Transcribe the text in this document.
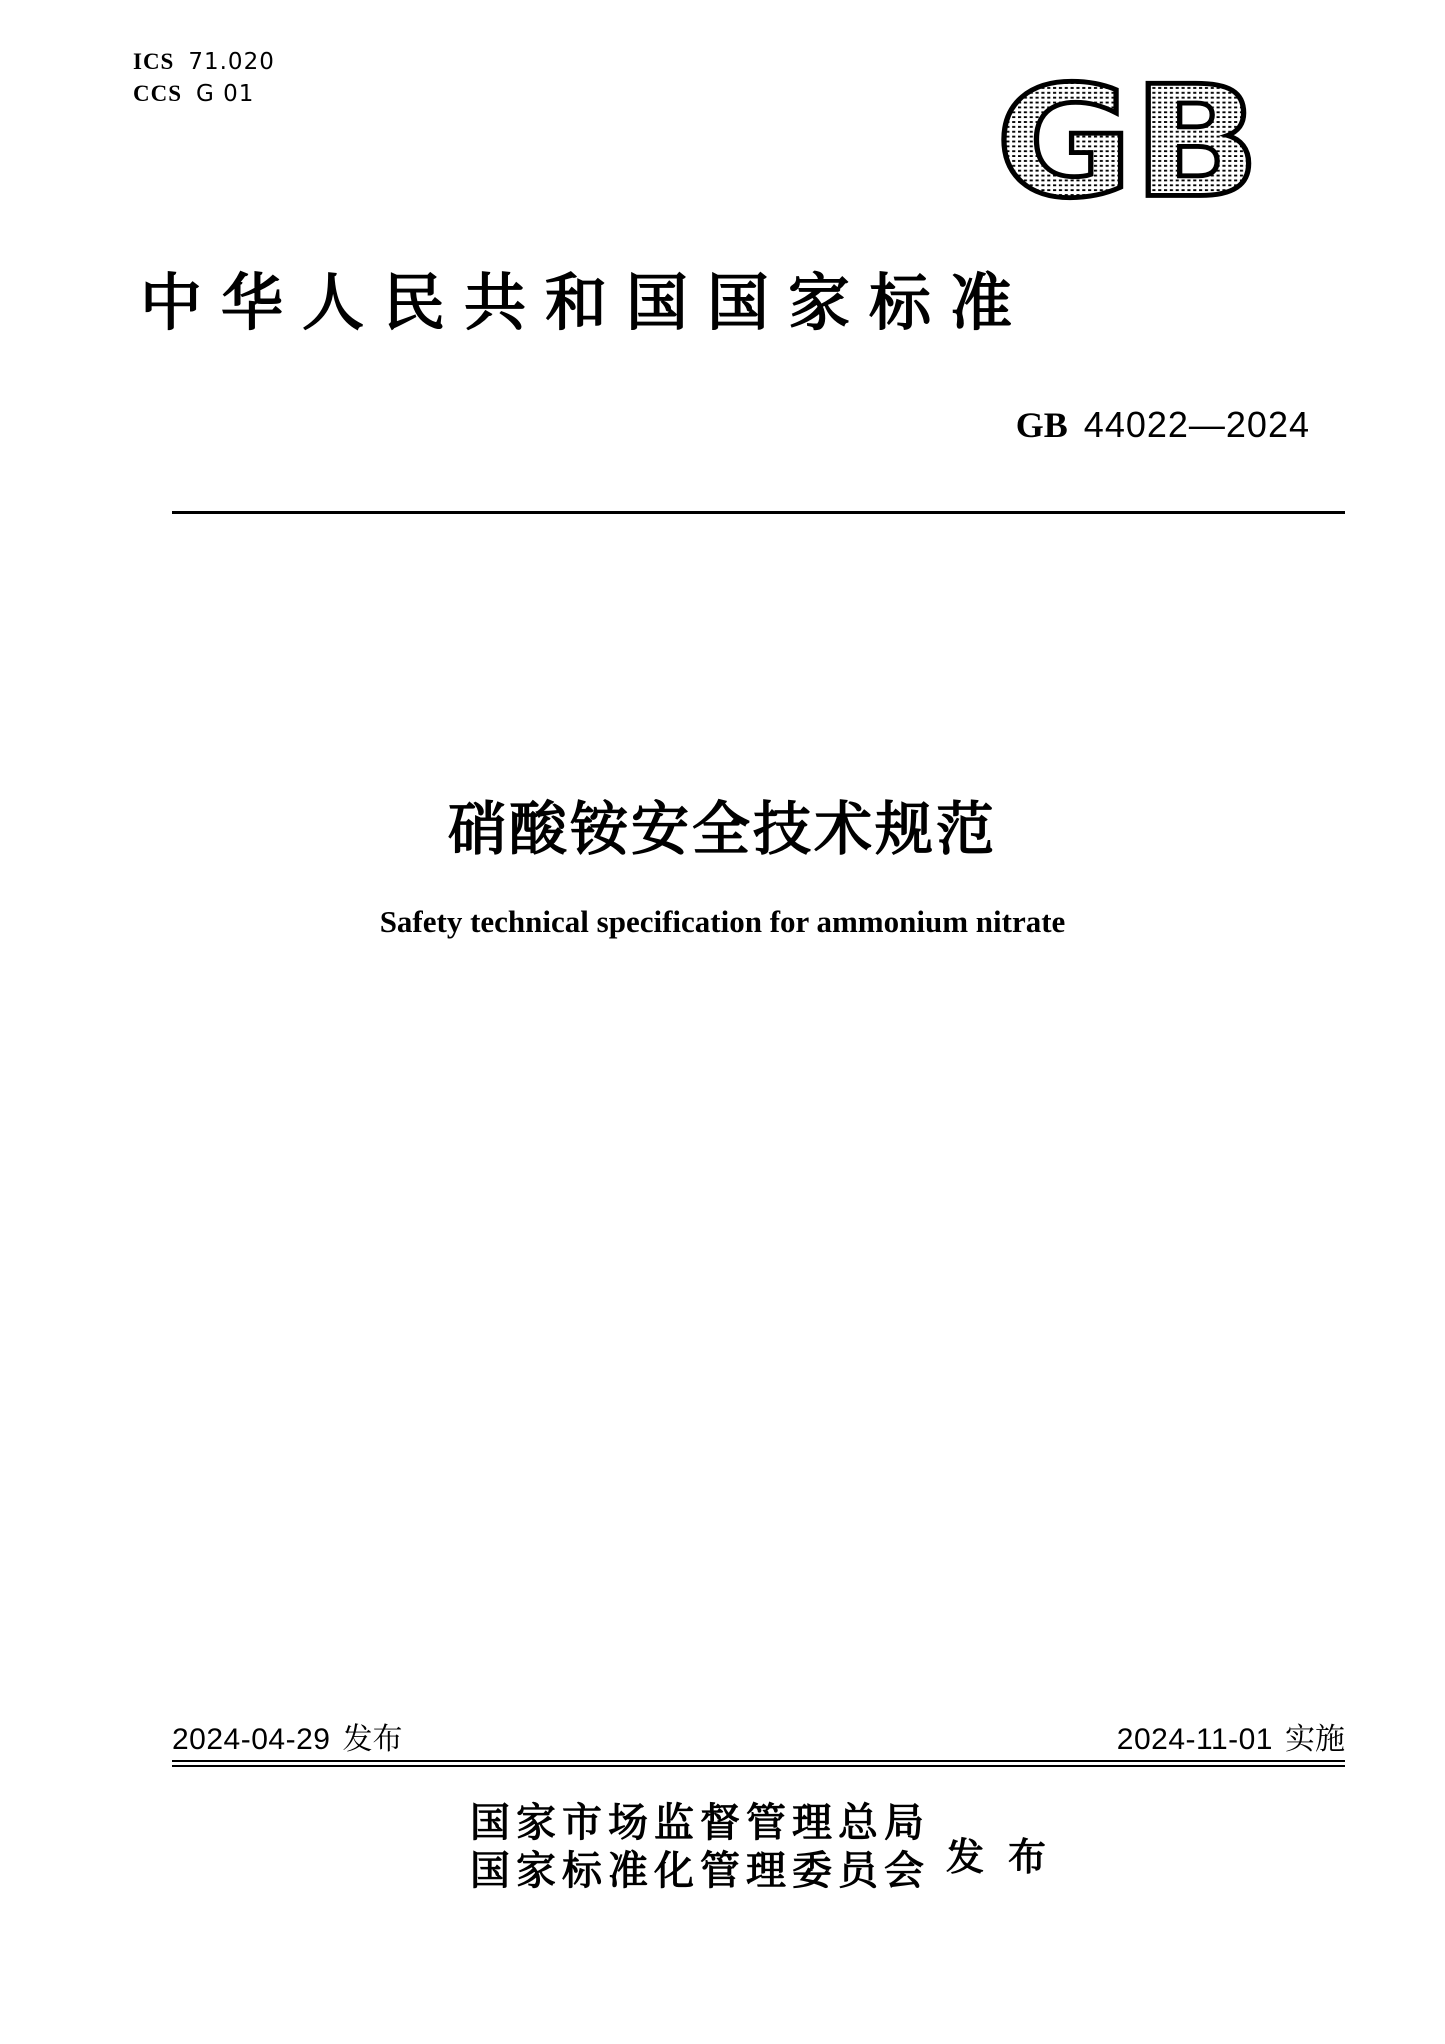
ICS 71.020
CCS G 01	GB
中华人民共和国国家标准
GB 44022—2024
硝酸铵安全技术规范
Safety technical specification for ammonium nitrate
2024-04-29 发布	2024-11-01 实施
国家市场监督管理总局
国家标准化管理委员会 发布
